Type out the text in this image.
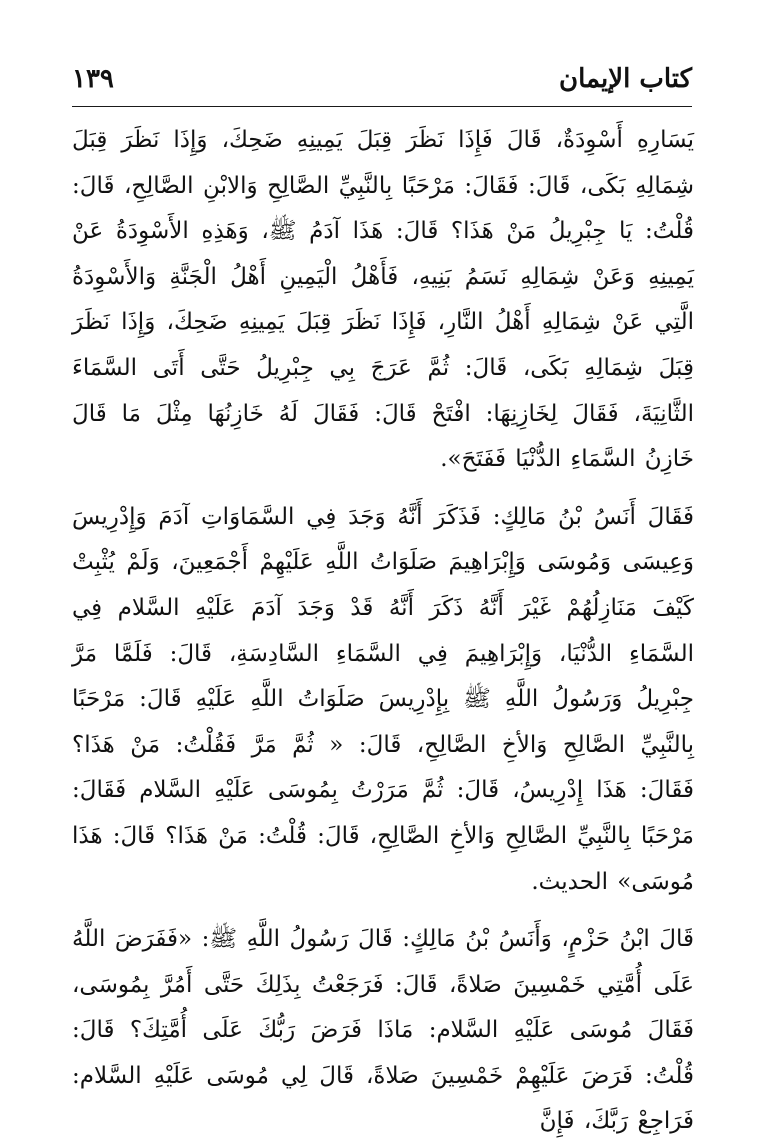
كتاب الإيمان
١٣٩

يَسَارِهِ أَسْوِدَةٌ، قَالَ فَإِذَا نَظَرَ قِبَلَ يَمِينِهِ ضَحِكَ، وَإِذَا نَظَرَ قِبَلَ شِمَالِهِ بَكَى، قَالَ: فَقَالَ: مَرْحَبًا بِالنَّبِيِّ الصَّالِحِ وَالابْنِ الصَّالِحِ، قَالَ: قُلْتُ: يَا جِبْرِيلُ مَنْ هَذَا؟ قَالَ: هَذَا آدَمُ ﷺ، وَهَذِهِ الأَسْوِدَةُ عَنْ يَمِينِهِ وَعَنْ شِمَالِهِ نَسَمُ بَنِيهِ، فَأَهْلُ الْيَمِينِ أَهْلُ الْجَنَّةِ وَالأَسْوِدَةُ الَّتِي عَنْ شِمَالِهِ أَهْلُ النَّارِ، فَإِذَا نَظَرَ قِبَلَ يَمِينِهِ ضَحِكَ، وَإِذَا نَظَرَ قِبَلَ شِمَالِهِ بَكَى، قَالَ: ثُمَّ عَرَجَ بِي جِبْرِيلُ حَتَّى أَتَى السَّمَاءَ الثَّانِيَةَ، فَقَالَ لِخَازِنِهَا: افْتَحْ قَالَ: فَقَالَ لَهُ خَازِنُهَا مِثْلَ مَا قَالَ خَازِنُ السَّمَاءِ الدُّنْيَا فَفَتَحَ».

فَقَالَ أَنَسُ بْنُ مَالِكٍ: فَذَكَرَ أَنَّهُ وَجَدَ فِي السَّمَاوَاتِ آدَمَ وَإِدْرِيسَ وَعِيسَى وَمُوسَى وَإِبْرَاهِيمَ صَلَوَاتُ اللَّهِ عَلَيْهِمْ أَجْمَعِينَ، وَلَمْ يُثْبِتْ كَيْفَ مَنَازِلُهُمْ غَيْرَ أَنَّهُ ذَكَرَ أَنَّهُ قَدْ وَجَدَ آدَمَ عَلَيْهِ السَّلام فِي السَّمَاءِ الدُّنْيَا، وَإِبْرَاهِيمَ فِي السَّمَاءِ السَّادِسَةِ، قَالَ: فَلَمَّا مَرَّ جِبْرِيلُ وَرَسُولُ اللَّهِ ﷺ بِإِدْرِيسَ صَلَوَاتُ اللَّهِ عَلَيْهِ قَالَ: مَرْحَبًا بِالنَّبِيِّ الصَّالِحِ وَالأخِ الصَّالِحِ، قَالَ: « ثُمَّ مَرَّ فَقُلْتُ: مَنْ هَذَا؟ فَقَالَ: هَذَا إِدْرِيسُ، قَالَ: ثُمَّ مَرَرْتُ بِمُوسَى عَلَيْهِ السَّلام فَقَالَ: مَرْحَبًا بِالنَّبِيِّ الصَّالِحِ وَالأخِ الصَّالِحِ، قَالَ: قُلْتُ: مَنْ هَذَا؟ قَالَ: هَذَا مُوسَى» الحديث.

قَالَ ابْنُ حَزْمٍ، وَأَنَسُ بْنُ مَالِكٍ: قَالَ رَسُولُ اللَّهِ ﷺ: «فَفَرَضَ اللَّهُ عَلَى أُمَّتِي خَمْسِينَ صَلاةً، قَالَ: فَرَجَعْتُ بِذَلِكَ حَتَّى أَمُرَّ بِمُوسَى، فَقَالَ مُوسَى عَلَيْهِ السَّلام: مَاذَا فَرَضَ رَبُّكَ عَلَى أُمَّتِكَ؟ قَالَ: قُلْتُ: فَرَضَ عَلَيْهِمْ خَمْسِينَ صَلاةً، قَالَ لِي مُوسَى عَلَيْهِ السَّلام: فَرَاجِعْ رَبَّكَ، فَإِنَّ
